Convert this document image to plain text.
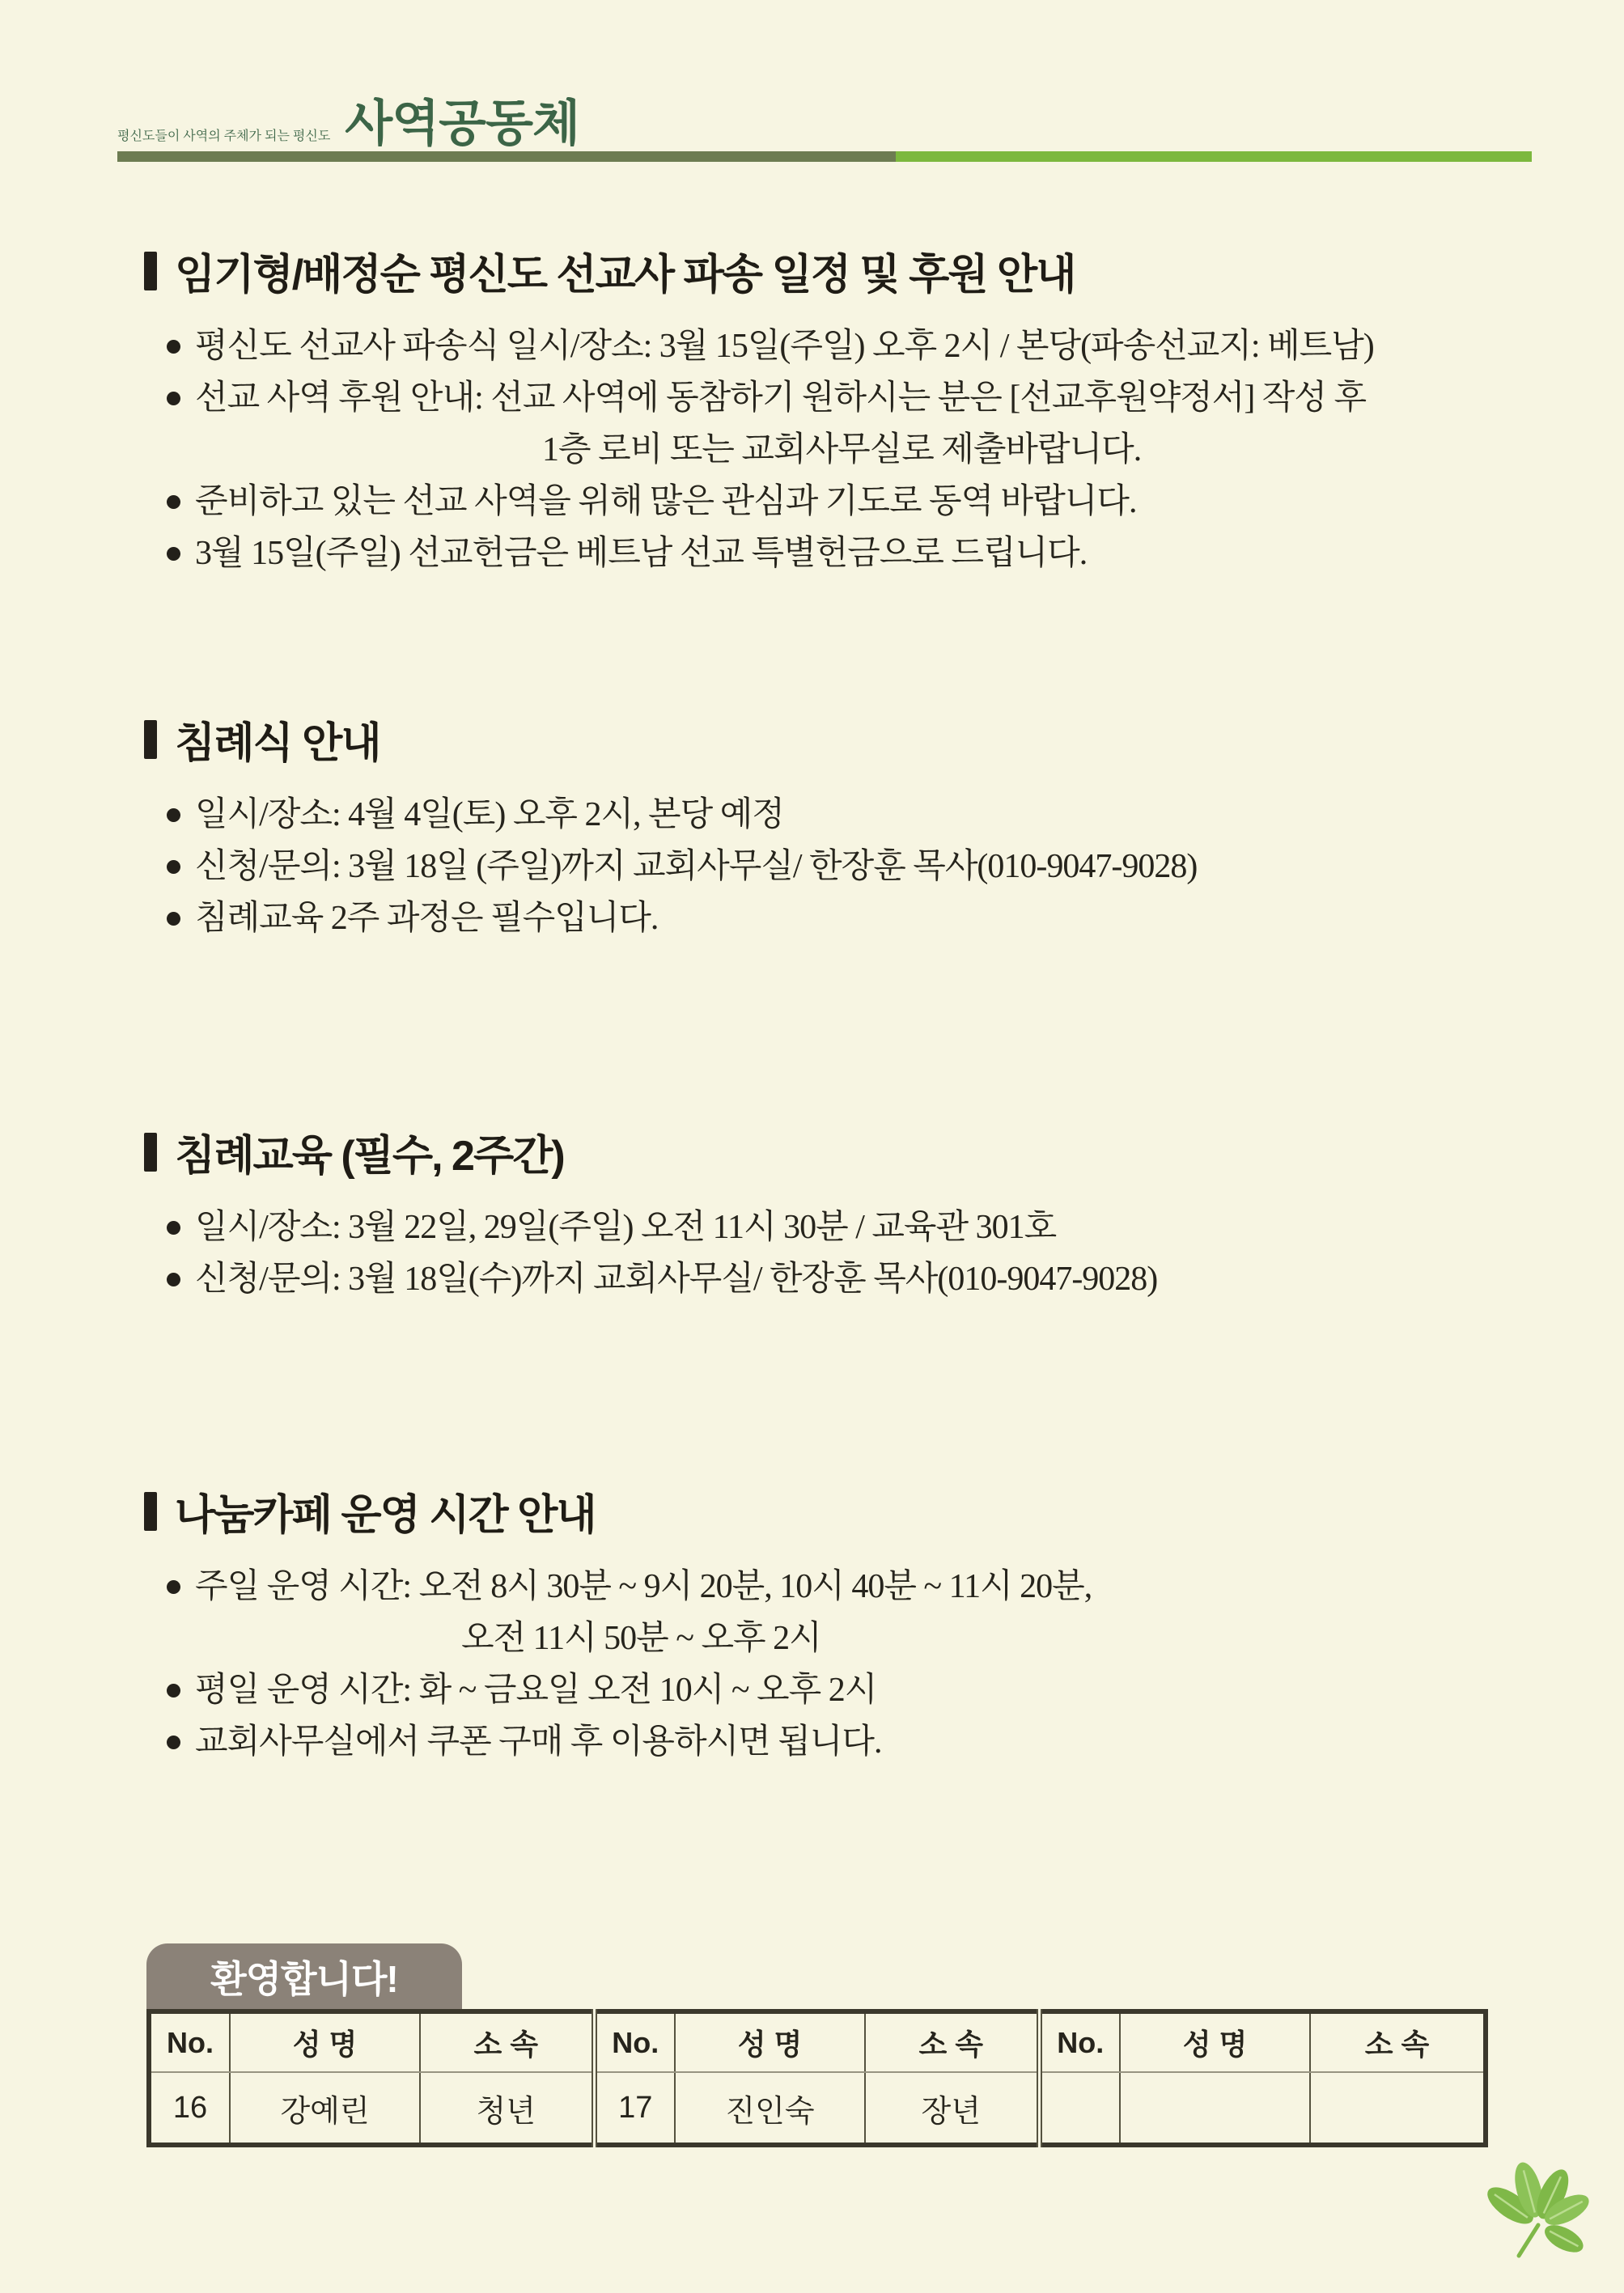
평신도들이 사역의 주체가 되는 평신도 사역공동체
임기형/배정순 평신도 선교사 파송 일정 및 후원 안내
평신도 선교사 파송식 일시/장소: 3월 15일(주일) 오후 2시 / 본당(파송선교지: 베트남)
선교 사역 후원 안내: 선교 사역에 동참하기 원하시는 분은 [선교후원약정서] 작성 후
1층 로비 또는 교회사무실로 제출바랍니다.
준비하고 있는 선교 사역을 위해 많은 관심과 기도로 동역 바랍니다.
3월 15일(주일) 선교헌금은 베트남 선교 특별헌금으로 드립니다.
침례식 안내
일시/장소: 4월 4일(토) 오후 2시, 본당 예정
신청/문의: 3월 18일 (주일)까지 교회사무실/ 한장훈 목사(010-9047-9028)
침례교육 2주 과정은 필수입니다.
침례교육 (필수, 2주간)
일시/장소: 3월 22일, 29일(주일) 오전 11시 30분 / 교육관 301호
신청/문의: 3월 18일(수)까지 교회사무실/ 한장훈 목사(010-9047-9028)
나눔카페 운영 시간 안내
주일 운영 시간: 오전 8시 30분 ~ 9시 20분, 10시 40분 ~ 11시 20분,
오전 11시 50분 ~ 오후 2시
평일 운영 시간: 화 ~ 금요일 오전 10시 ~ 오후 2시
교회사무실에서 쿠폰 구매 후 이용하시면 됩니다.
환영합니다!
No.	성 명	소 속	No.	성 명	소 속	No.	성 명	소 속
16	강예린	청년	17	진인숙	장년			
